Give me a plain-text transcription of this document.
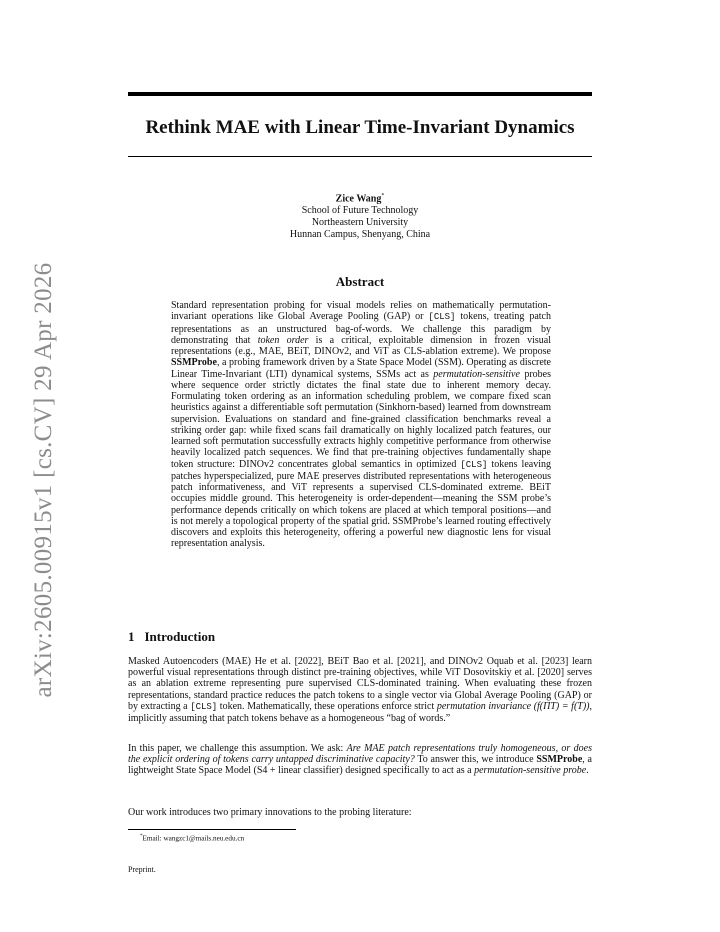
arXiv:2605.00915v1 [cs.CV] 29 Apr 2026
Rethink MAE with Linear Time-Invariant Dynamics
Zice Wang*
School of Future Technology
Northeastern University
Hunnan Campus, Shenyang, China
Abstract
Standard representation probing for visual models relies on mathematically permutation-invariant operations like Global Average Pooling (GAP) or [CLS] tokens, treating patch representations as an unstructured bag-of-words. We challenge this paradigm by demonstrating that token order is a critical, exploitable dimension in frozen visual representations (e.g., MAE, BEiT, DINOv2, and ViT as CLS-ablation extreme). We propose SSMProbe, a probing framework driven by a State Space Model (SSM). Operating as discrete Linear Time-Invariant (LTI) dynamical systems, SSMs act as permutation-sensitive probes where sequence order strictly dictates the final state due to inherent memory decay. Formulating token ordering as an information scheduling problem, we compare fixed scan heuristics against a differentiable soft permutation (Sinkhorn-based) learned from downstream supervision. Evaluations on standard and fine-grained classification benchmarks reveal a striking order gap: while fixed scans fail dramatically on highly localized patch features, our learned soft permutation successfully extracts highly competitive performance from otherwise heavily localized patch sequences. We find that pre-training objectives fundamentally shape token structure: DINOv2 concentrates global semantics in optimized [CLS] tokens leaving patches hyperspecialized, pure MAE preserves distributed representations with heterogeneous patch informativeness, and ViT represents a supervised CLS-dominated extreme. BEiT occupies middle ground. This heterogeneity is order-dependent—meaning the SSM probe’s performance depends critically on which tokens are placed at which temporal positions—and is not merely a topological property of the spatial grid. SSMProbe’s learned routing effectively discovers and exploits this heterogeneity, offering a powerful new diagnostic lens for visual representation analysis.
1 Introduction
Masked Autoencoders (MAE) He et al. [2022], BEiT Bao et al. [2021], and DINOv2 Oquab et al. [2023] learn powerful visual representations through distinct pre-training objectives, while ViT Dosovitskiy et al. [2020] serves as an ablation extreme representing pure supervised CLS-dominated training. When evaluating these frozen representations, standard practice reduces the patch tokens to a single vector via Global Average Pooling (GAP) or by extracting a [CLS] token. Mathematically, these operations enforce strict permutation invariance (f(ΠT) = f(T)), implicitly assuming that patch tokens behave as a homogeneous “bag of words.”
In this paper, we challenge this assumption. We ask: Are MAE patch representations truly homogeneous, or does the explicit ordering of tokens carry untapped discriminative capacity? To answer this, we introduce SSMProbe, a lightweight State Space Model (S4 + linear classifier) designed specifically to act as a permutation-sensitive probe.
Our work introduces two primary innovations to the probing literature:
*Email: wangzc1@mails.neu.edu.cn
Preprint.
